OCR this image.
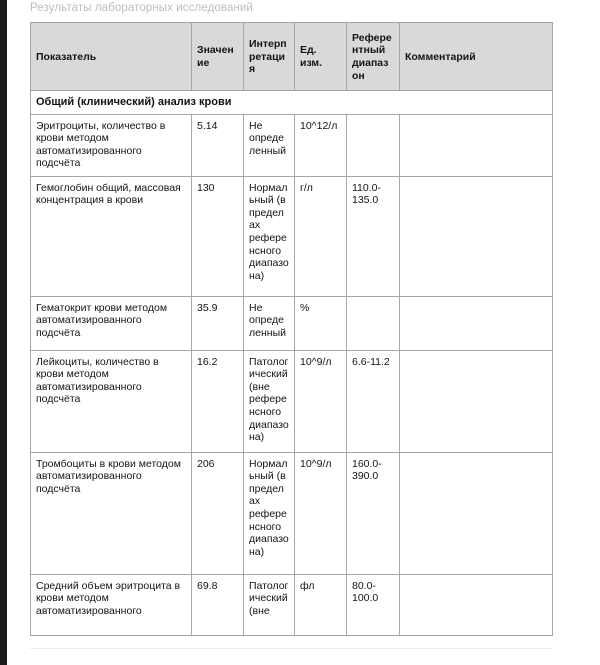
Результаты лабораторных исследований
Показатель	Значение	Интерпретация	Ед. изм.	Референтный диапазон	Комментарий
Общий (клинический) анализ крови					
Эритроциты, количество в крови методом автоматизированного подсчёта	5.14	Не определенный	10^12/л		
Гемоглобин общий, массовая концентрация в крови	130	Нормальный (в пределах референсного диапазона)	г/л	110.0-135.0	
Гематокрит крови методом автоматизированного подсчёта	35.9	Не определенный	%		
Лейкоциты, количество в крови методом автоматизированного подсчёта	16.2	Патологический (вне референсного диапазона)	10^9/л	6.6-11.2	
Тромбоциты в крови методом автоматизированного подсчёта	206	Нормальный (в пределах референсного диапазона)	10^9/л	160.0-390.0	
Средний объем эритроцита в крови методом автоматизированного	69.8	Патологический (вне	фл	80.0-100.0	
